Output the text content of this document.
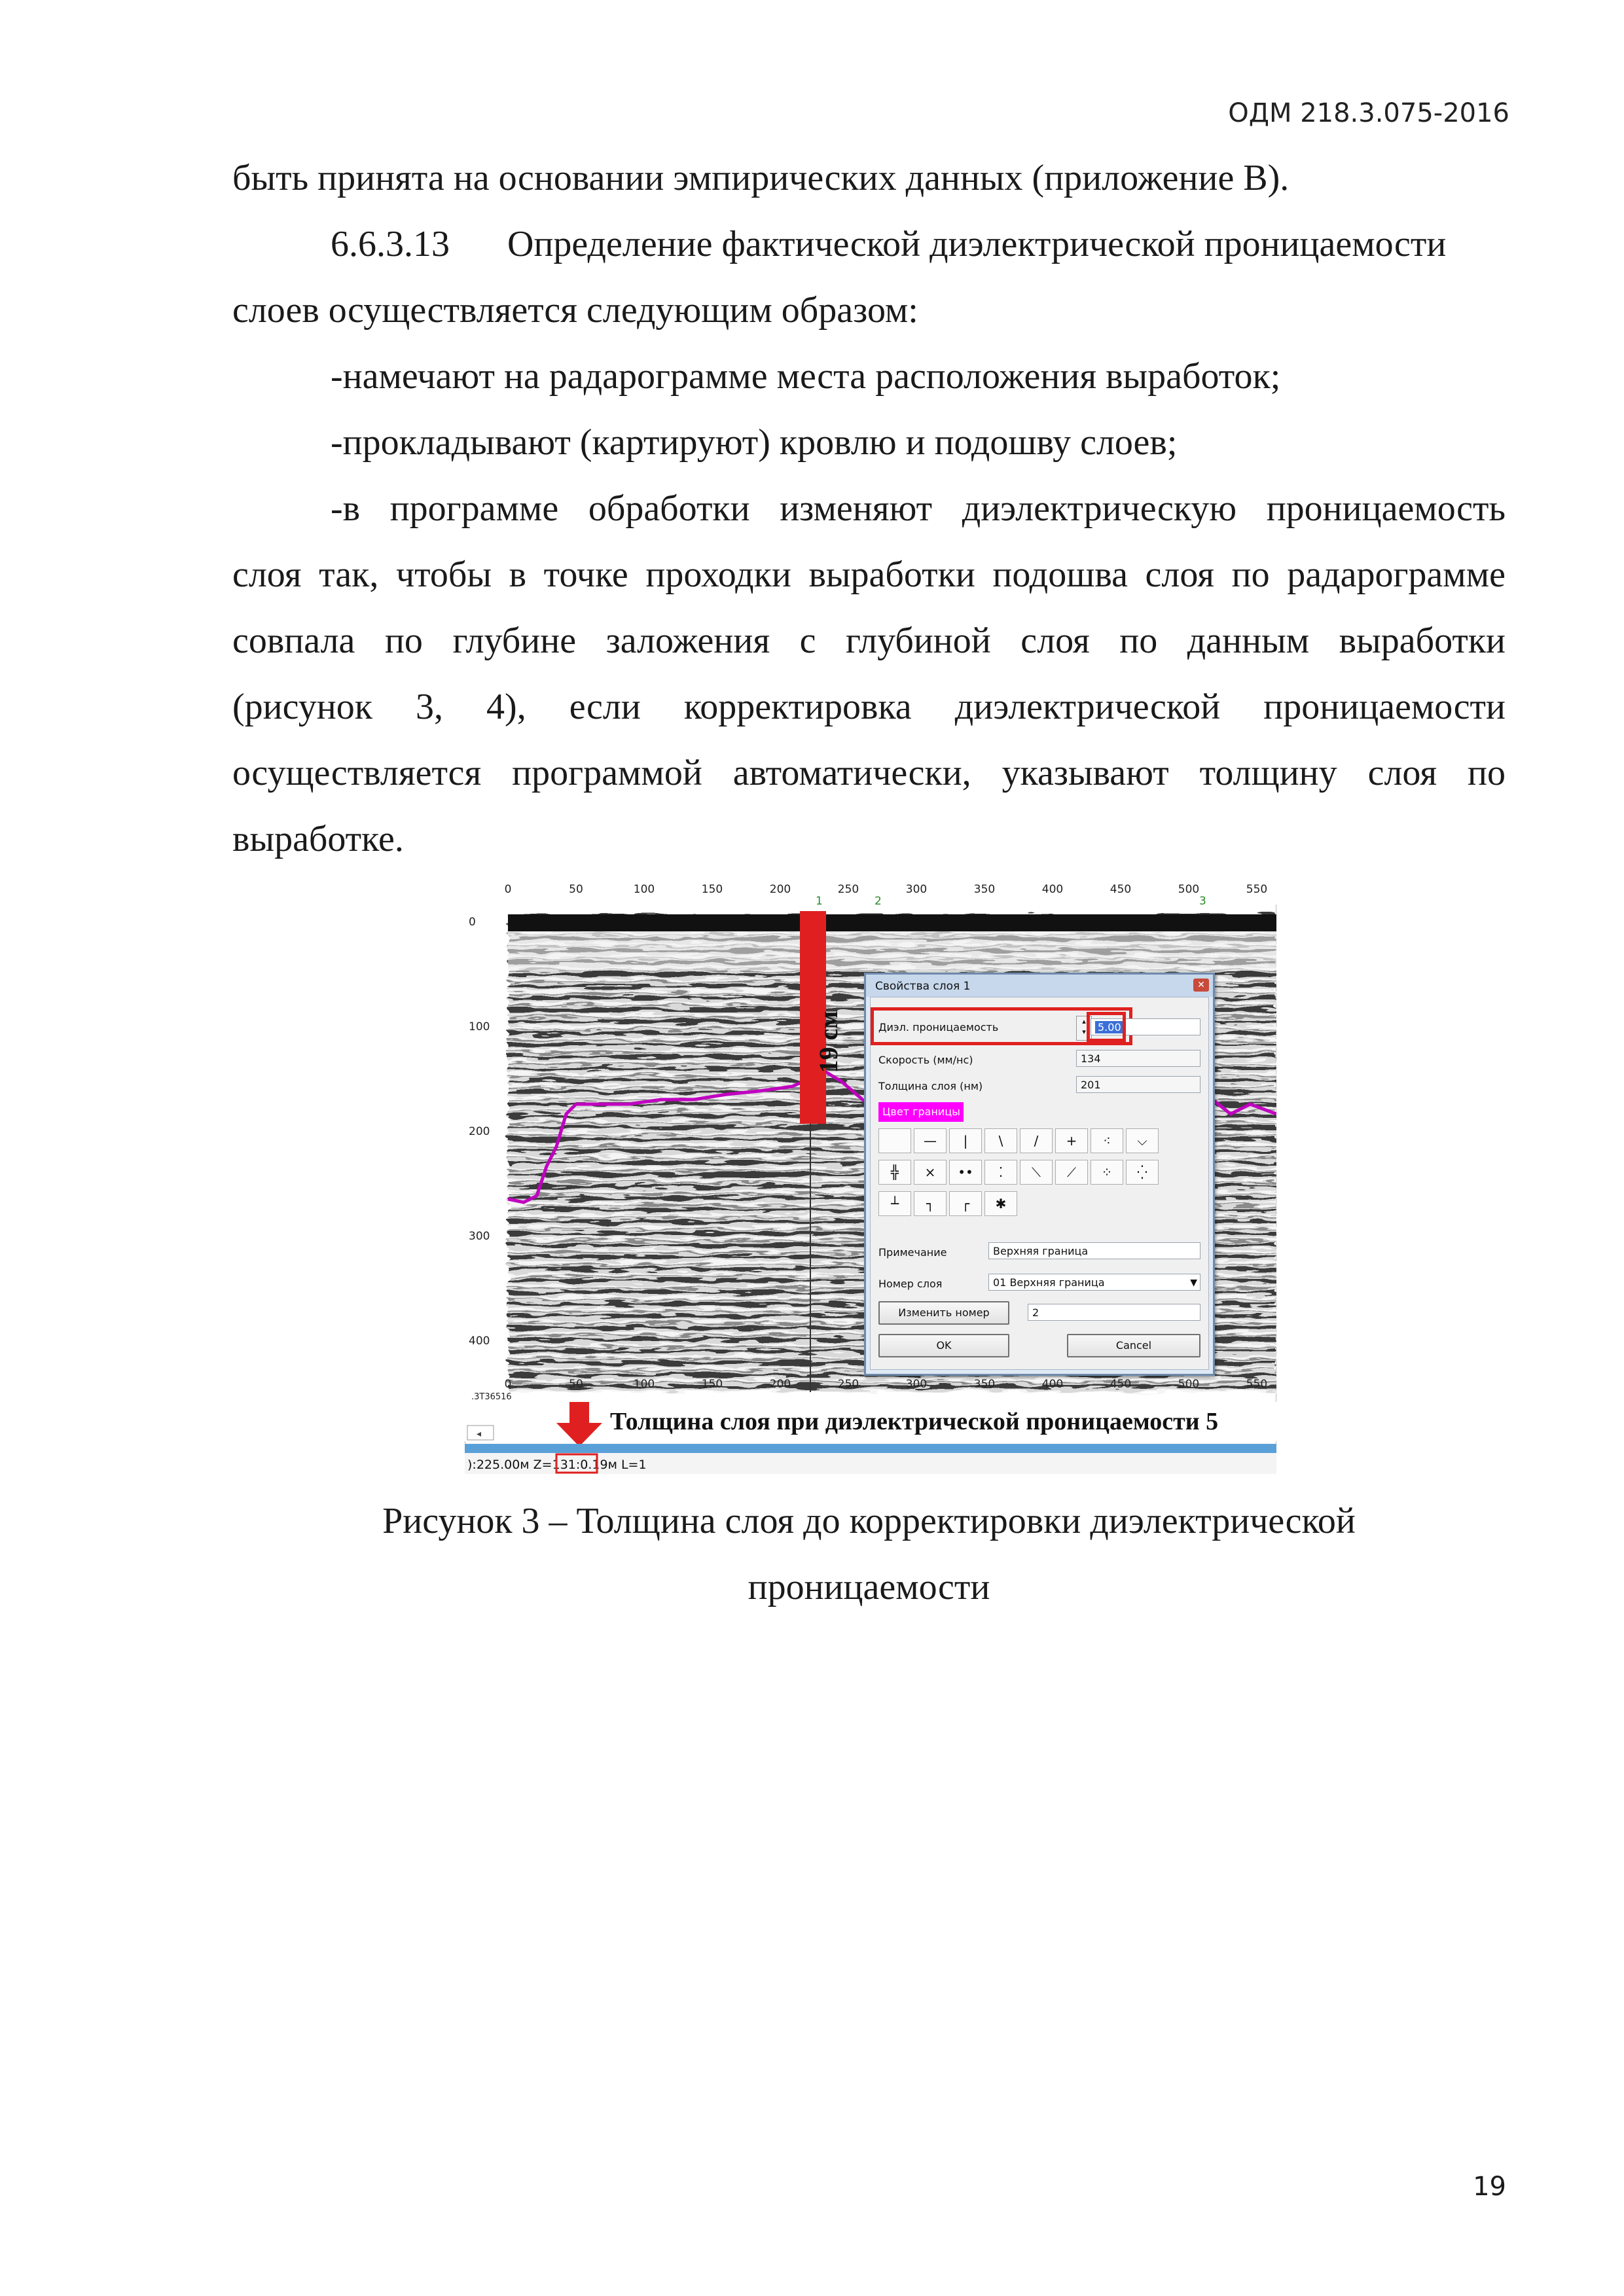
ОДМ 218.3.075-2016
быть принята на основании эмпирических данных (приложение В).
6.6.3.13 Определение фактической диэлектрической проницаемости
слоев осуществляется следующим образом:
-намечают на радарограмме места расположения выработок;
-прокладывают (картируют) кровлю и подошву слоев;
-в программе обработки изменяют диэлектрическую проницаемость
слоя так, чтобы в точке проходки выработки подошва слоя по радарограмме
совпала по глубине заложения с глубиной слоя по данным выработки
(рисунок 3, 4), если корректировка диэлектрической проницаемости
осуществляется программой автоматически, указывают толщину слоя по
выработке.
0	50	100	150	200	250	300	350	400	450	500	550
1	2	3
0
100
200
300
400
0	50	100	150	200	250	300	350	400	450	500	550
.3T36516
◂	Толщина слоя при диэлектрической проницаемости 5
):225.00м Z=131:0.19м L=1
19 см
Свойства слоя 1	✕
Диэл. проницаемость	▴
▾	5.00
Скорость (мм/нс)	134
Толщина слоя (нм)	201
Цвет границы
—	|	\	/	+	⁖	⌵
╬	×	••	⁚	⟍	⟋	⁘	⁛
┴	┐	┌	✱
Примечание	Верхняя граница
Номер слоя	01 Верхняя граница	▼
Изменить номер	2
OK	Cancel
Рисунок 3 – Толщина слоя до корректировки диэлектрической
проницаемости
19
